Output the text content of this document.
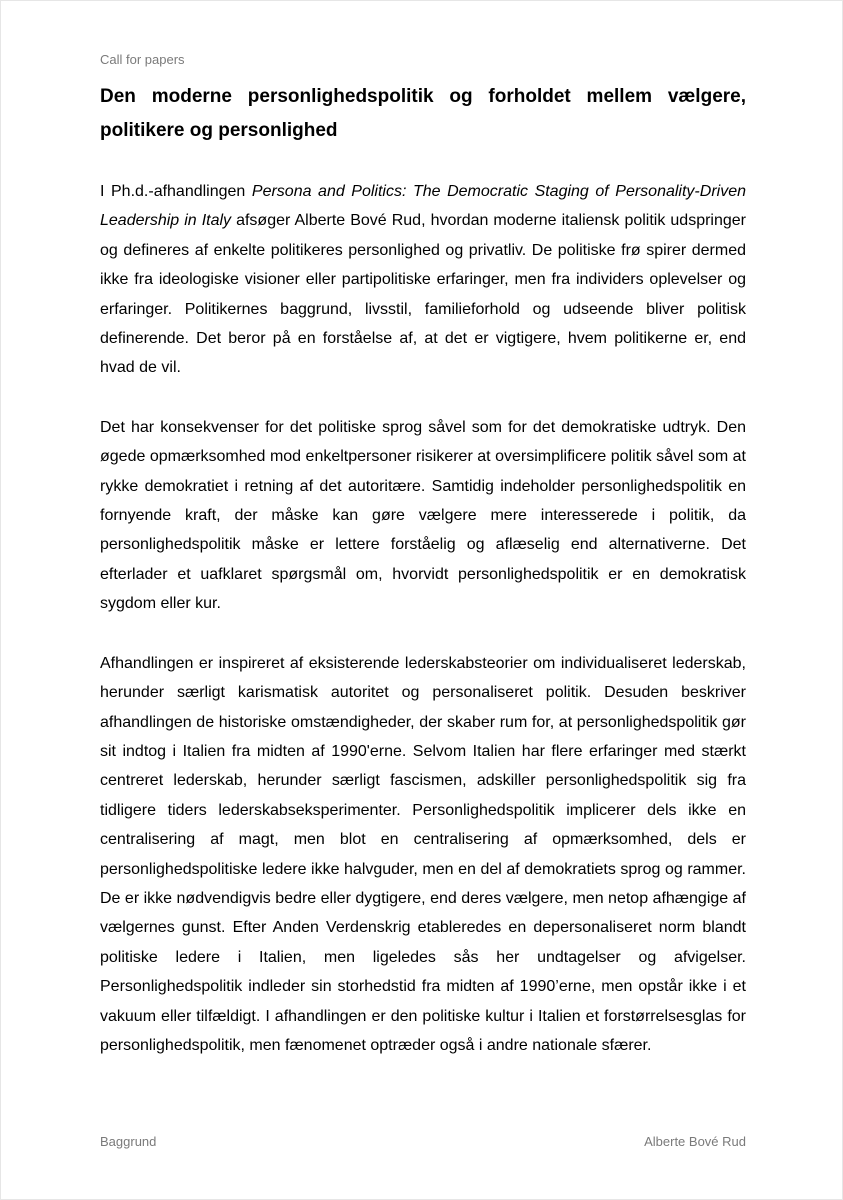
Call for papers
Den moderne personlighedspolitik og forholdet mellem vælgere, politikere og personlighed

I Ph.d.-afhandlingen Persona and Politics: The Democratic Staging of Personality-Driven Leadership in Italy afsøger Alberte Bové Rud, hvordan moderne italiensk politik udspringer og defineres af enkelte politikeres personlighed og privatliv. De politiske frø spirer dermed ikke fra ideologiske visioner eller partipolitiske erfaringer, men fra individers oplevelser og erfaringer. Politikernes baggrund, livsstil, familieforhold og udseende bliver politisk definerende. Det beror på en forståelse af, at det er vigtigere, hvem politikerne er, end hvad de vil.

Det har konsekvenser for det politiske sprog såvel som for det demokratiske udtryk. Den øgede opmærksomhed mod enkeltpersoner risikerer at oversimplificere politik såvel som at rykke demokratiet i retning af det autoritære. Samtidig indeholder personlighedspolitik en fornyende kraft, der måske kan gøre vælgere mere interesserede i politik, da personlighedspolitik måske er lettere forståelig og aflæselig end alternativerne. Det efterlader et uafklaret spørgsmål om, hvorvidt personlighedspolitik er en demokratisk sygdom eller kur.

Afhandlingen er inspireret af eksisterende lederskabsteorier om individualiseret lederskab, herunder særligt karismatisk autoritet og personaliseret politik. Desuden beskriver afhandlingen de historiske omstændigheder, der skaber rum for, at personlighedspolitik gør sit indtog i Italien fra midten af 1990'erne. Selvom Italien har flere erfaringer med stærkt centreret lederskab, herunder særligt fascismen, adskiller personlighedspolitik sig fra tidligere tiders lederskabseksperimenter. Personlighedspolitik implicerer dels ikke en centralisering af magt, men blot en centralisering af opmærksomhed, dels er personlighedspolitiske ledere ikke halvguder, men en del af demokratiets sprog og rammer. De er ikke nødvendigvis bedre eller dygtigere, end deres vælgere, men netop afhængige af vælgernes gunst. Efter Anden Verdenskrig etableredes en depersonaliseret norm blandt politiske ledere i Italien, men ligeledes sås her undtagelser og afvigelser. Personlighedspolitik indleder sin storhedstid fra midten af 1990’erne, men opstår ikke i et vakuum eller tilfældigt. I afhandlingen er den politiske kultur i Italien et forstørrelsesglas for personlighedspolitik, men fænomenet optræder også i andre nationale sfærer.

Baggrund	Alberte Bové Rud
